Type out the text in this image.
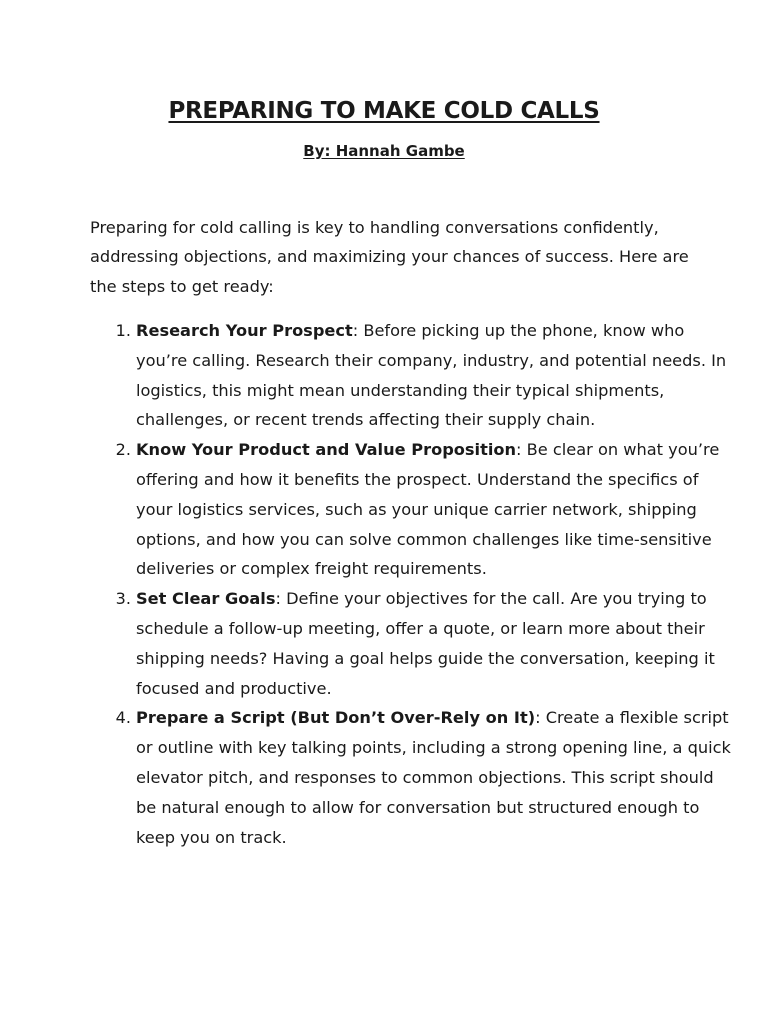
PREPARING TO MAKE COLD CALLS

By: Hannah Gambe

Preparing for cold calling is key to handling conversations confidently, addressing objections, and maximizing your chances of success. Here are the steps to get ready:

1. Research Your Prospect: Before picking up the phone, know who you’re calling. Research their company, industry, and potential needs. In logistics, this might mean understanding their typical shipments, challenges, or recent trends affecting their supply chain.
2. Know Your Product and Value Proposition: Be clear on what you’re offering and how it benefits the prospect. Understand the specifics of your logistics services, such as your unique carrier network, shipping options, and how you can solve common challenges like time-sensitive deliveries or complex freight requirements.
3. Set Clear Goals: Define your objectives for the call. Are you trying to schedule a follow-up meeting, offer a quote, or learn more about their shipping needs? Having a goal helps guide the conversation, keeping it focused and productive.
4. Prepare a Script (But Don’t Over-Rely on It): Create a flexible script or outline with key talking points, including a strong opening line, a quick elevator pitch, and responses to common objections. This script should be natural enough to allow for conversation but structured enough to keep you on track.
